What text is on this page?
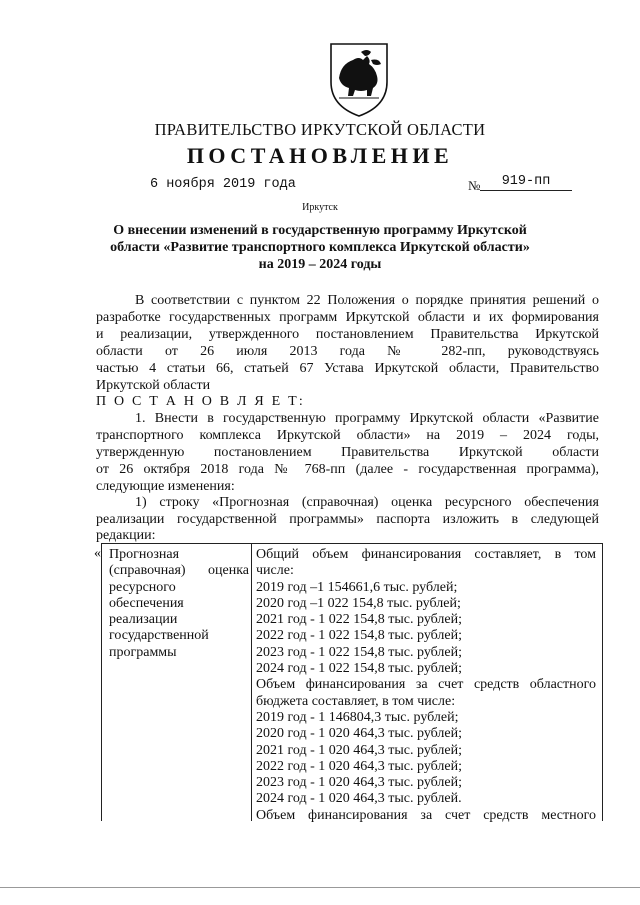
ПРАВИТЕЛЬСТВО ИРКУТСКОЙ ОБЛАСТИ
ПОСТАНОВЛЕНИЕ
6 ноября 2019 года	№	919-пп
Иркутск
О внесении изменений в государственную программу Иркутской
области «Развитие транспортного комплекса Иркутской области»
на 2019 – 2024 годы
В соответствии с пунктом 22 Положения о порядке принятия решений о
разработке государственных программ Иркутской области и их формирования
и реализации, утвержденного постановлением Правительства Иркутской
области от 26 июля 2013 года № 282-пп, руководствуясь
частью 4 статьи 66, статьей 67 Устава Иркутской области, Правительство
Иркутской области
П О С Т А Н О В Л Я Е Т:
1. Внести в государственную программу Иркутской области «Развитие
транспортного комплекса Иркутской области» на 2019 – 2024 годы,
утвержденную постановлением Правительства Иркутской области
от 26 октября 2018 года № 768-пп (далее - государственная программа),
следующие изменения:
1) строку «Прогнозная (справочная) оценка ресурсного обеспечения
реализации государственной программы» паспорта изложить в следующей
редакции:
« Прогнозная
(справочная) оценка
ресурсного
обеспечения
реализации
государственной
программы
Общий объем финансирования составляет, в том
числе:
2019 год –1 154661,6 тыс. рублей;
2020 год –1 022 154,8 тыс. рублей;
2021 год - 1 022 154,8 тыс. рублей;
2022 год - 1 022 154,8 тыс. рублей;
2023 год - 1 022 154,8 тыс. рублей;
2024 год - 1 022 154,8 тыс. рублей;
Объем финансирования за счет средств областного
бюджета составляет, в том числе:
2019 год - 1 146804,3 тыс. рублей;
2020 год - 1 020 464,3 тыс. рублей;
2021 год - 1 020 464,3 тыс. рублей;
2022 год - 1 020 464,3 тыс. рублей;
2023 год - 1 020 464,3 тыс. рублей;
2024 год - 1 020 464,3 тыс. рублей.
Объем финансирования за счет средств местного
